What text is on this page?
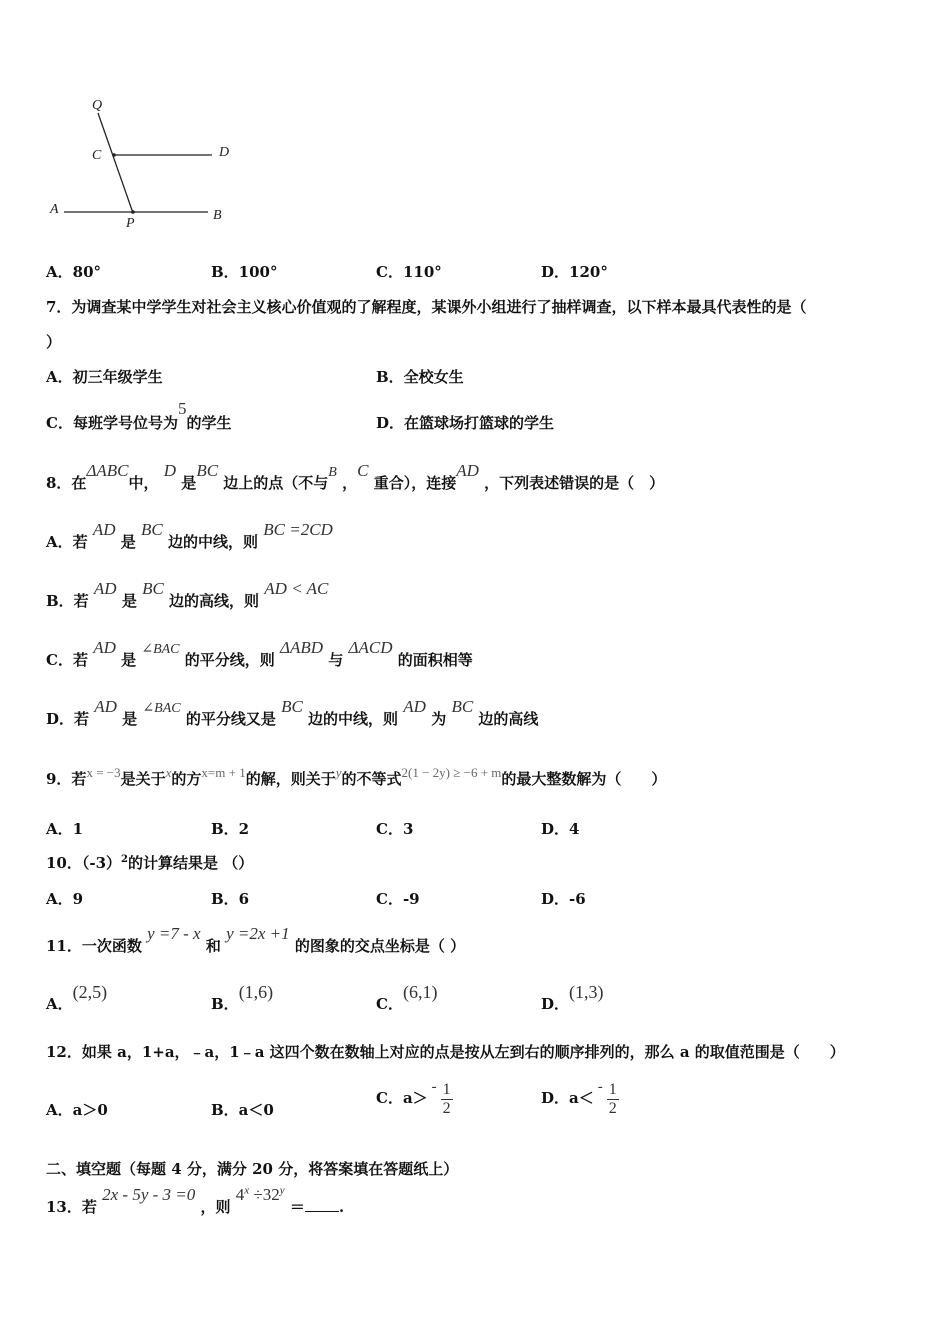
Q
C	D
A
P
B
A．80°	B．100°	C．110°	D．120°
7．为调查某中学学生对社会主义核心价值观的了解程度，某课外小组进行了抽样调查，以下样本最具代表性的是（
）
A．初三年级学生	B．全校女生
C．每班学号位号为5的学生	D．在篮球场打篮球的学生
8．在ΔABC中， D 是BC 边上的点（不与B ，C 重合），连接AD ，下列表述错误的是（　）
A．若 AD 是 BC 边的中线，则 BC =2CD
B．若 AD 是 BC 边的高线，则 AD < AC
C．若 AD 是 ∠BAC 的平分线，则 ΔABD 与 ΔACD 的面积相等
D．若 AD 是 ∠BAC 的平分线又是 BC 边的中线，则 AD 为 BC 边的高线
9．若x = −3是关于x的方x=m + 1的解，则关于y的不等式2(1 − 2y) ≥ −6 + m的最大整数解为（　　）
A．1	B．2	C．3	D．4
10．$(-3)^2$的计算结果是 （）
A．9	B．6	C．-9	D．-6
11．一次函数 y =7 - x 和 y =2x +1 的图象的交点坐标是（ ）
A．(2,5)
B．(1,6)
C．(6,1)
D．(1,3)
12．如果 a，1+a，﹣a，1﹣a 这四个数在数轴上对应的点是按从左到右的顺序排列的，那么 a 的取值范围是（　　）
A．a＞0	B．a＜0
C．$a>- \frac{1}{2}$	D．$a<- \frac{1}{2}$
二、填空题（每题 4 分，满分 20 分，将答案填在答题纸上）
13．若 2x - 5y - 3 =0 ，则 $4^x \div 32^y$ ＝ .
